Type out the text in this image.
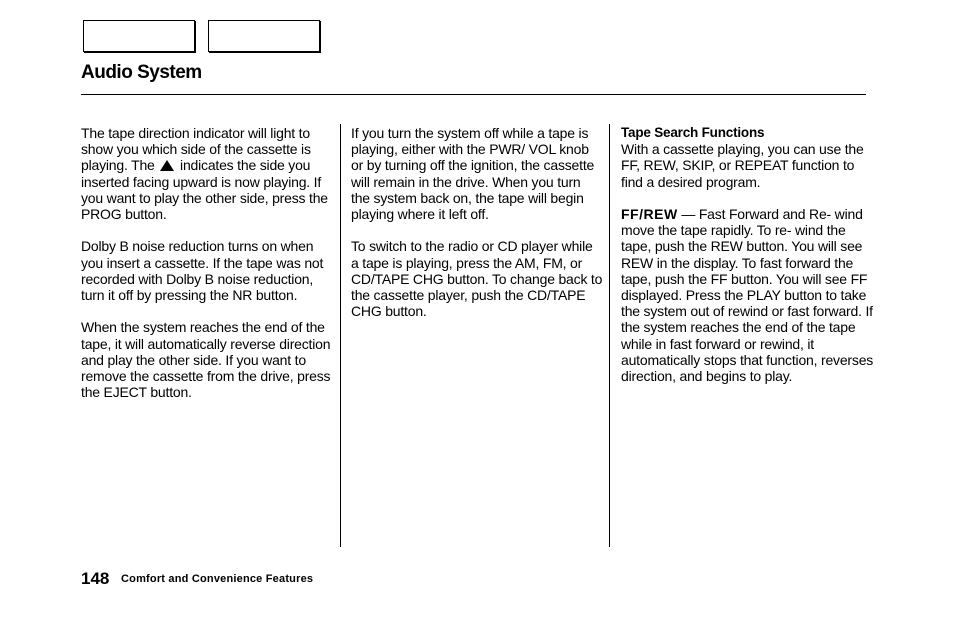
Audio System

The tape direction indicator will light to show you which side of the cassette is playing. The indicates the side you inserted facing upward is now playing. If you want to play the other side, press the PROG button.

Dolby B noise reduction turns on when you insert a cassette. If the tape was not recorded with Dolby B noise reduction, turn it off by pressing the NR button.

When the system reaches the end of the tape, it will automatically reverse direction and play the other side. If you want to remove the cassette from the drive, press the EJECT button.

If you turn the system off while a tape is playing, either with the PWR/ VOL knob or by turning off the ignition, the cassette will remain in the drive. When you turn the system back on, the tape will begin playing where it left off.

To switch to the radio or CD player while a tape is playing, press the AM, FM, or CD/TAPE CHG button. To change back to the cassette player, push the CD/TAPE CHG button.

Tape Search Functions
With a cassette playing, you can use the FF, REW, SKIP, or REPEAT function to find a desired program.

FF/REW — Fast Forward and Re- wind move the tape rapidly. To re- wind the tape, push the REW button. You will see REW in the display. To fast forward the tape, push the FF button. You will see FF displayed. Press the PLAY button to take the system out of rewind or fast forward. If the system reaches the end of the tape while in fast forward or rewind, it automatically stops that function, reverses direction, and begins to play.

148 Comfort and Convenience Features
